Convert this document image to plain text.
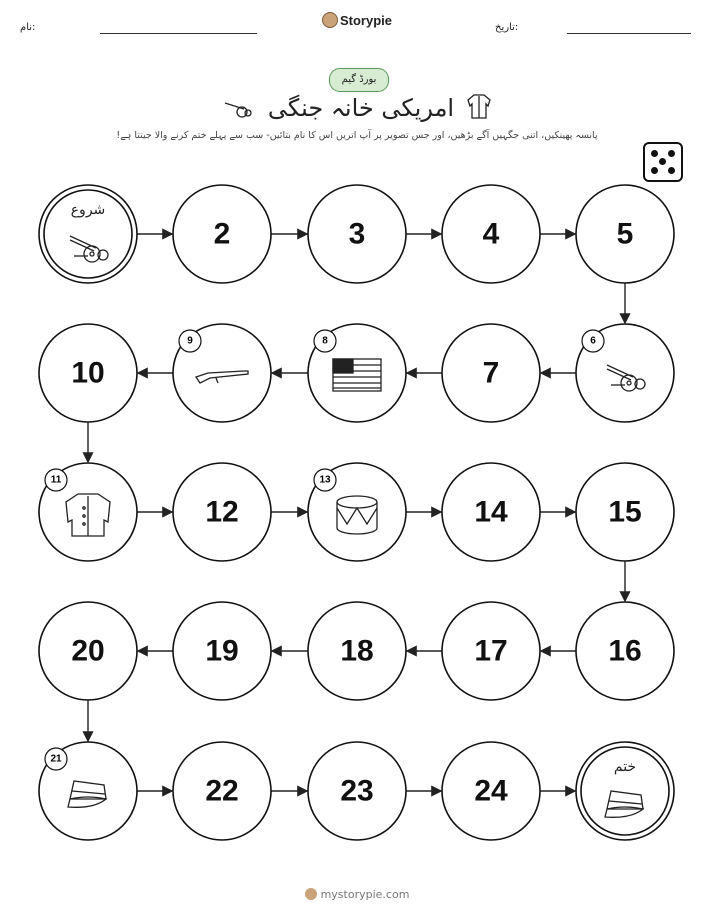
Storypie
نام:	تاریخ:
بورڈ گیم
امریکی خانہ جنگی
پانسہ پھینکیں، اتنی جگہیں آگے بڑھیں، اور جس تصویر پر آپ اتریں اس کا نام بتائیں- سب سے پہلے ختم کرنے والا جیتتا ہے!
شروع
2	3	4	5
6
7
8
9
10
11
12
13
14	15
16
17
18
19
20
21
22	23	24
ختم
mystorypie.com
